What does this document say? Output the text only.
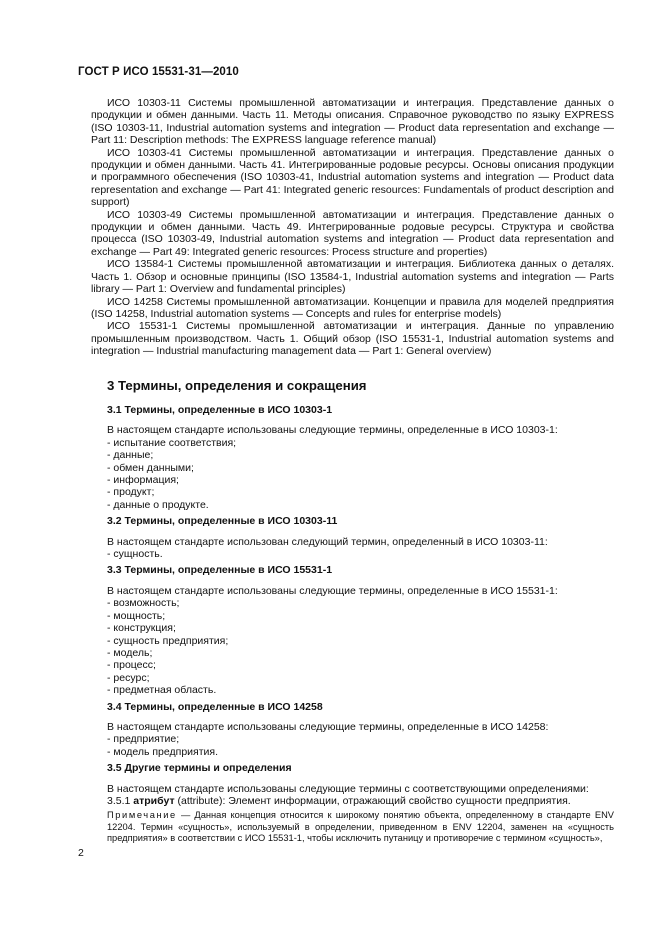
ГОСТ Р ИСО 15531-31—2010

ИСО 10303-11 Системы промышленной автоматизации и интеграция. Представление данных о продукции и обмен данными. Часть 11. Методы описания. Справочное руководство по языку EXPRESS (ISO 10303-11, Industrial automation systems and integration — Product data representation and exchange — Part 11: Description methods: The EXPRESS language reference manual)

ИСО 10303-41 Системы промышленной автоматизации и интеграция. Представление данных о продукции и обмен данными. Часть 41. Интегрированные родовые ресурсы. Основы описания продукции и программного обеспечения (ISO 10303-41, Industrial automation systems and integration — Product data representation and exchange — Part 41: Integrated generic resources: Fundamentals of product description and support)

ИСО 10303-49 Системы промышленной автоматизации и интеграция. Представление данных о продукции и обмен данными. Часть 49. Интегрированные родовые ресурсы. Структура и свойства процесса (ISO 10303-49, Industrial automation systems and integration — Product data representation and exchange — Part 49: Integrated generic resources: Process structure and properties)

ИСО 13584-1 Системы промышленной автоматизации и интеграция. Библиотека данных о деталях. Часть 1. Обзор и основные принципы (ISO 13584-1, Industrial automation systems and integration — Parts library — Part 1: Overview and fundamental principles)

ИСО 14258 Системы промышленной автоматизации. Концепции и правила для моделей предприятия (ISO 14258, Industrial automation systems — Concepts and rules for enterprise models)

ИСО 15531-1 Системы промышленной автоматизации и интеграция. Данные по управлению промышленным производством. Часть 1. Общий обзор (ISO 15531-1, Industrial automation systems and integration — Industrial manufacturing management data — Part 1: General overview)

3 Термины, определения и сокращения
3.1 Термины, определенные в ИСО 10303-1

В настоящем стандарте использованы следующие термины, определенные в ИСО 10303-1:

- испытание соответствия;
- данные;
- обмен данными;
- информация;
- продукт;
- данные о продукте.
3.2 Термины, определенные в ИСО 10303-11

В настоящем стандарте использован следующий термин, определенный в ИСО 10303-11:

- сущность.
3.3 Термины, определенные в ИСО 15531-1

В настоящем стандарте использованы следующие термины, определенные в ИСО 15531-1:

- возможность;
- мощность;
- конструкция;
- сущность предприятия;
- модель;
- процесс;
- ресурс;
- предметная область.
3.4 Термины, определенные в ИСО 14258

В настоящем стандарте использованы следующие термины, определенные в ИСО 14258:

- предприятие;
- модель предприятия.
3.5 Другие термины и определения

В настоящем стандарте использованы следующие термины с соответствующими определениями:

3.5.1 атрибут (attribute): Элемент информации, отражающий свойство сущности предприятия.

Примечание — Данная концепция относится к широкому понятию объекта, определенному в стандарте ENV 12204. Термин «сущность», используемый в определении, приведенном в ENV 12204, заменен на «сущность предприятия» в соответствии с ИСО 15531-1, чтобы исключить путаницу и противоречие с термином «сущность»,

2
